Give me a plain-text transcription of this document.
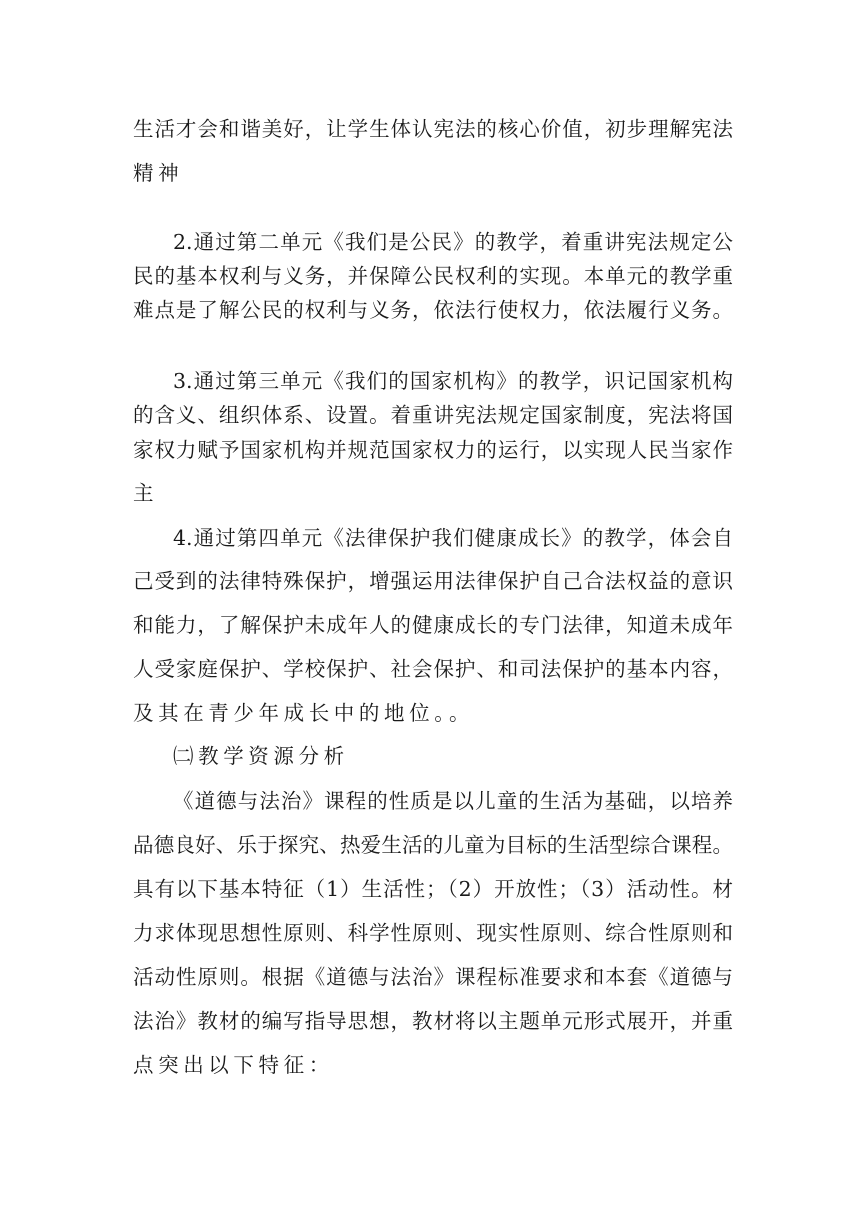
生活才会和谐美好，让学生体认宪法的核心价值，初步理解宪法
精神
2.通过第二单元《我们是公民》的教学，着重讲宪法规定公
民的基本权利与义务，并保障公民权利的实现。本单元的教学重
难点是了解公民的权利与义务，依法行使权力，依法履行义务。
3.通过第三单元《我们的国家机构》的教学，识记国家机构
的含义、组织体系、设置。着重讲宪法规定国家制度，宪法将国
家权力赋予国家机构并规范国家权力的运行，以实现人民当家作
主
4.通过第四单元《法律保护我们健康成长》的教学，体会自
己受到的法律特殊保护，增强运用法律保护自己合法权益的意识
和能力，了解保护未成年人的健康成长的专门法律，知道未成年
人受家庭保护、学校保护、社会保护、和司法保护的基本内容，
及其在青少年成长中的地位。。
㈡教学资源分析
《道德与法治》课程的性质是以儿童的生活为基础，以培养
品德良好、乐于探究、热爱生活的儿童为目标的生活型综合课程。
具有以下基本特征（1）生活性；（2）开放性；（3）活动性。材
力求体现思想性原则、科学性原则、现实性原则、综合性原则和
活动性原则。根据《道德与法治》课程标准要求和本套《道德与
法治》教材的编写指导思想，教材将以主题单元形式展开，并重
点突出以下特征：
